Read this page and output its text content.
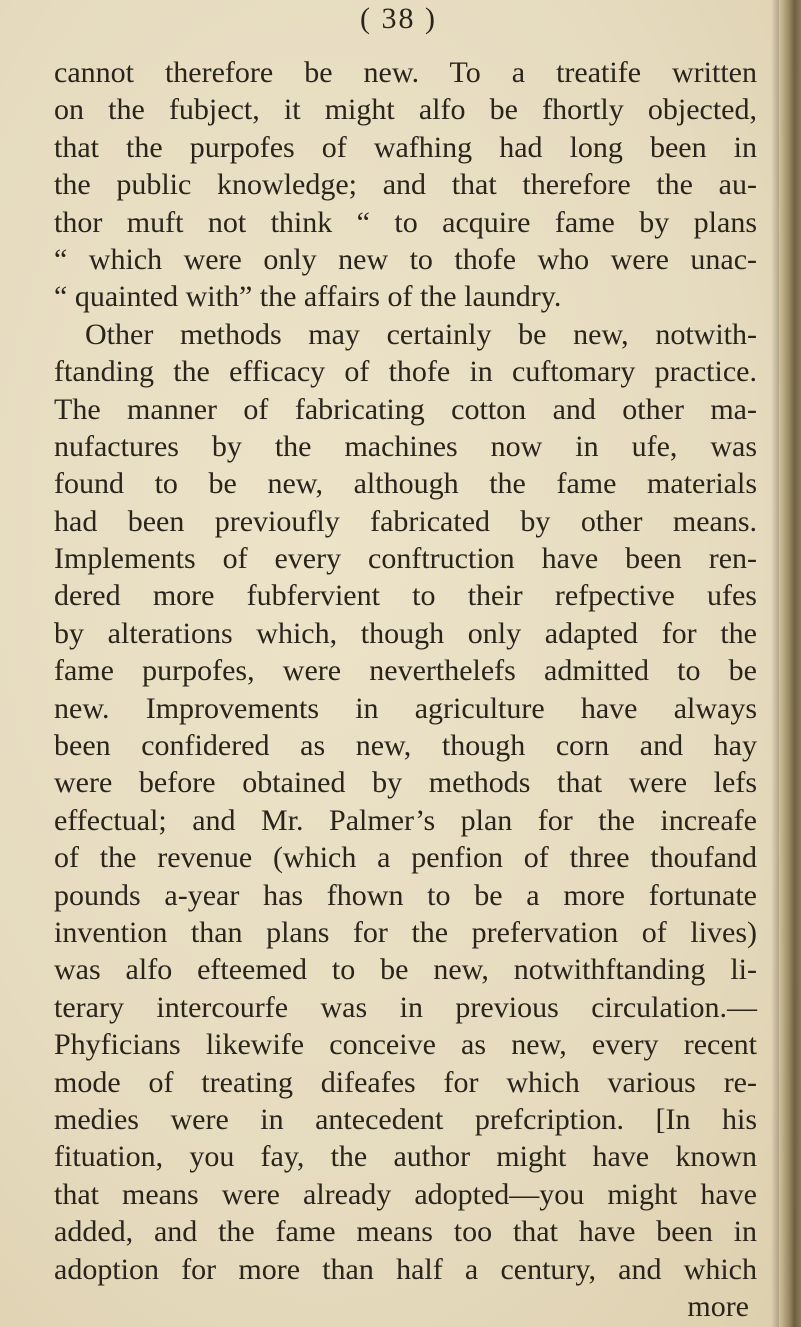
( 38 )
cannot therefore be new. To a treatife written
on the fubject, it might alfo be fhortly objected,
that the purpofes of wafhing had long been in
the public knowledge; and that therefore the au-
thor muft not think “ to acquire fame by plans
“ which were only new to thofe who were unac-
“ quainted with” the affairs of the laundry.
Other methods may certainly be new, notwith-
ftanding the efficacy of thofe in cuftomary practice.
The manner of fabricating cotton and other ma-
nufactures by the machines now in ufe, was
found to be new, although the fame materials
had been previoufly fabricated by other means.
Implements of every conftruction have been ren-
dered more fubfervient to their refpective ufes
by alterations which, though only adapted for the
fame purpofes, were neverthelefs admitted to be
new. Improvements in agriculture have always
been confidered as new, though corn and hay
were before obtained by methods that were lefs
effectual; and Mr. Palmer’s plan for the increafe
of the revenue (which a penfion of three thoufand
pounds a-year has fhown to be a more fortunate
invention than plans for the prefervation of lives)
was alfo efteemed to be new, notwithftanding li-
terary intercourfe was in previous circulation.—
Phyficians likewife conceive as new, every recent
mode of treating difeafes for which various re-
medies were in antecedent prefcription. [In his
fituation, you fay, the author might have known
that means were already adopted—you might have
added, and the fame means too that have been in
adoption for more than half a century, and which
more
